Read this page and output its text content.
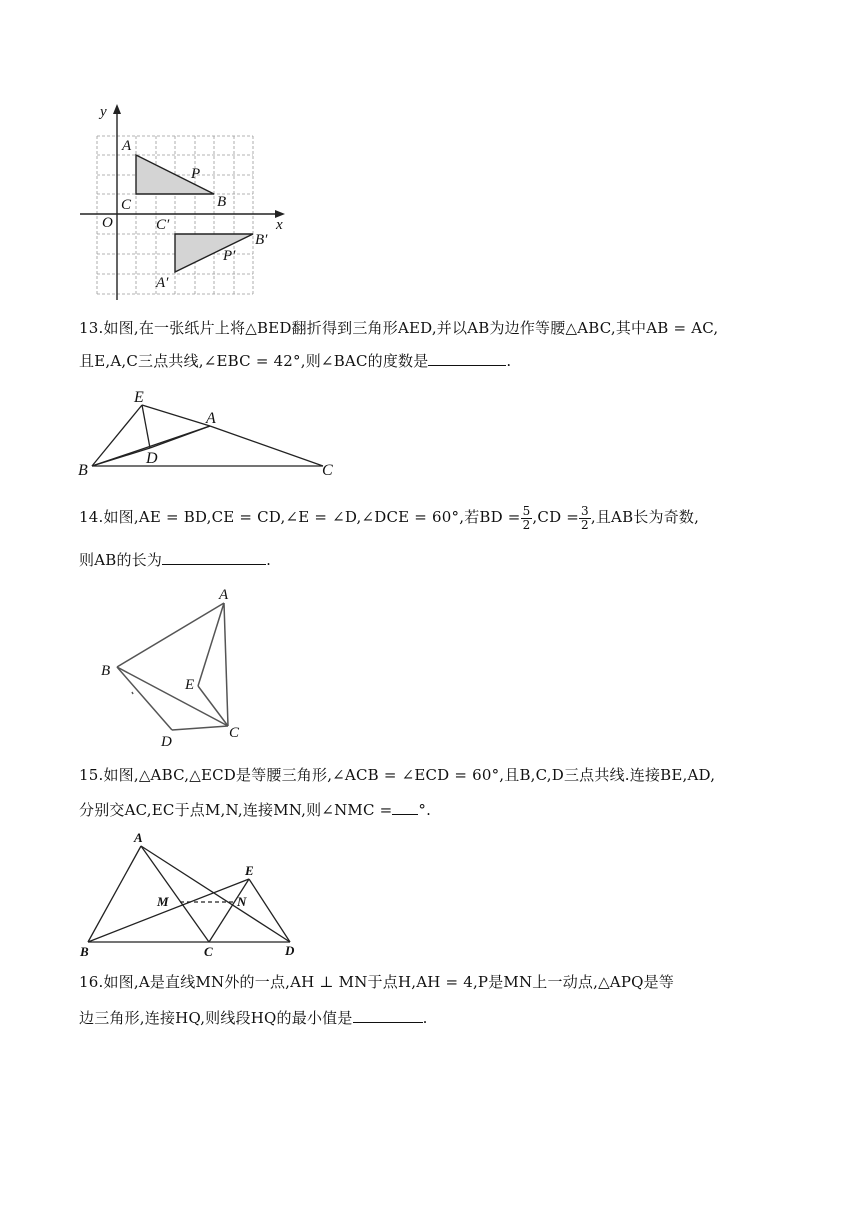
y
x
O
A
C
P
B
C′
B′
P′
A′
13.如图,在一张纸片上将△BED翻折得到三角形AED,并以AB为边作等腰△ABC,其中AB = AC,
且E,A,C三点共线,∠EBC = 42°,则∠BAC的度数是	.
E
A
B
D
C
14.如图,AE = BD,CE = CD,∠E = ∠D,∠DCE = 60°,若BD = $\frac{5}{2} ,CD = \frac{3}{2}$ ,且AB长为奇数,
则AB的长为	.
A
B
E
D
C
15.如图,△ABC,△ECD是等腰三角形,∠ACB = ∠ECD = 60°,且B,C,D三点共线.连接BE,AD,
分别交AC,EC于点M,N,连接MN,则∠NMC = °.
A
E
M	N
B	C	D
16.如图,A是直线MN外的一点,AH ⊥ MN于点H,AH = 4,P是MN上一动点,△APQ是等
边三角形,连接HQ,则线段HQ的最小值是	.
